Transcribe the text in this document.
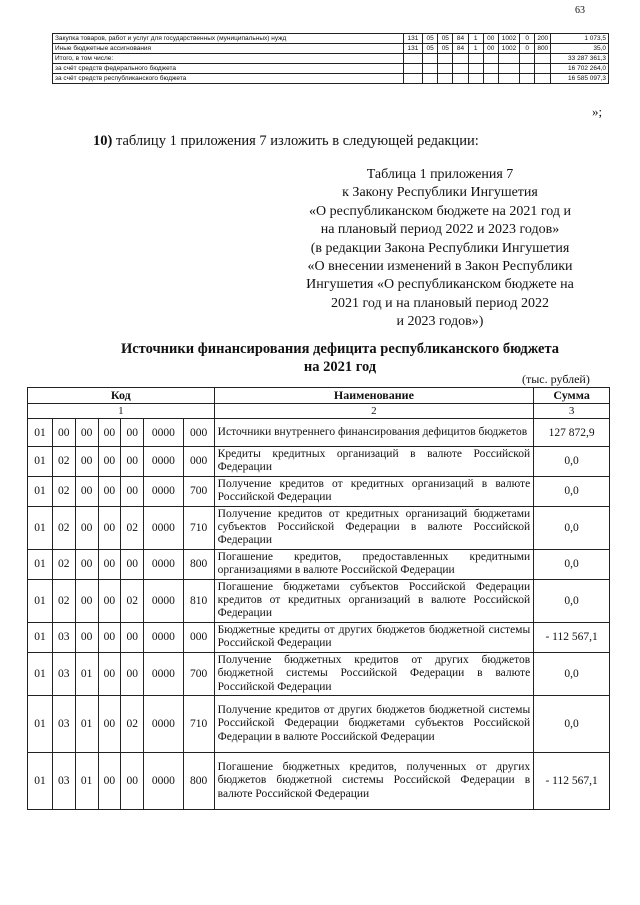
63
Закупка товаров, работ и услуг для государственных (муниципальных) нужд	131	05	05	84	1	00	1002	0	200	1 073,5
Иные бюджетные ассигнования	131	05	05	84	1	00	1002	0	800	35,0
Итого, в том числе:										33 287 361,3
за счёт средств федерального бюджета										16 702 264,0
за счёт средств республиканского бюджета										16 585 097,3
»;
10) таблицу 1 приложения 7 изложить в следующей редакции:
Таблица 1 приложения 7
к Закону Республики Ингушетия
«О республиканском бюджете на 2021 год и
на плановый период 2022 и 2023 годов»
(в редакции Закона Республики Ингушетия
«О внесении изменений в Закон Республики
Ингушетия «О республиканском бюджете на
2021 год и на плановый период 2022
и 2023 годов»)
Источники финансирования дефицита республиканского бюджета
на 2021 год
(тыс. рублей)
Код							Наименование	Сумма
1							2	3
01	00	00	00	00	0000	000	Источники внутреннего финансирования дефицитов бюджетов	127 872,9
01	02	00	00	00	0000	000	Кредиты кредитных организаций в валюте Российской Федерации	0,0
01	02	00	00	00	0000	700	Получение кредитов от кредитных организаций в валюте Российской Федерации	0,0
01	02	00	00	02	0000	710	Получение кредитов от кредитных организаций бюджетами субъектов Российской Федерации в валюте Российской Федерации	0,0
01	02	00	00	00	0000	800	Погашение кредитов, предоставленных кредитными организациями в валюте Российской Федерации	0,0
01	02	00	00	02	0000	810	Погашение бюджетами субъектов Российской Федерации кредитов от кредитных организаций в валюте Российской Федерации	0,0
01	03	00	00	00	0000	000	Бюджетные кредиты от других бюджетов бюджетной системы Российской Федерации	- 112 567,1
01	03	01	00	00	0000	700	Получение бюджетных кредитов от других бюджетов бюджетной системы Российской Федерации в валюте Российской Федерации	0,0
01	03	01	00	02	0000	710	Получение кредитов от других бюджетов бюджетной системы Российской Федерации бюджетами субъектов Российской Федерации в валюте Российской Федерации	0,0
01	03	01	00	00	0000	800	Погашение бюджетных кредитов, полученных от других бюджетов бюджетной системы Российской Федерации в валюте Российской Федерации	- 112 567,1
